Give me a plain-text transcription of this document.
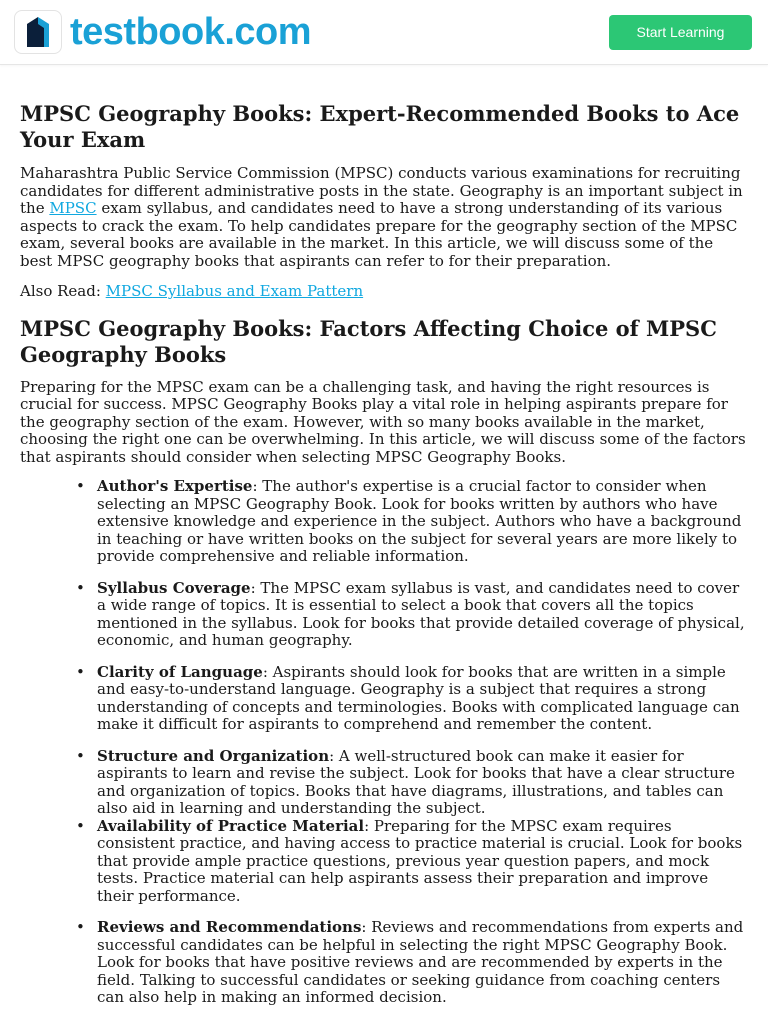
testbook.com	Start Learning
MPSC Geography Books: Expert-Recommended Books to Ace Your Exam

Maharashtra Public Service Commission (MPSC) conducts various examinations for recruiting candidates for different administrative posts in the state. Geography is an important subject in the MPSC exam syllabus, and candidates need to have a strong understanding of its various aspects to crack the exam. To help candidates prepare for the geography section of the MPSC exam, several books are available in the market. In this article, we will discuss some of the best MPSC geography books that aspirants can refer to for their preparation.

Also Read: MPSC Syllabus and Exam Pattern

MPSC Geography Books: Factors Affecting Choice of MPSC Geography Books

Preparing for the MPSC exam can be a challenging task, and having the right resources is crucial for success. MPSC Geography Books play a vital role in helping aspirants prepare for the geography section of the exam. However, with so many books available in the market, choosing the right one can be overwhelming. In this article, we will discuss some of the factors that aspirants should consider when selecting MPSC Geography Books.

• Author's Expertise: The author's expertise is a crucial factor to consider when selecting an MPSC Geography Book. Look for books written by authors who have extensive knowledge and experience in the subject. Authors who have a background in teaching or have written books on the subject for several years are more likely to provide comprehensive and reliable information.
• Syllabus Coverage: The MPSC exam syllabus is vast, and candidates need to cover a wide range of topics. It is essential to select a book that covers all the topics mentioned in the syllabus. Look for books that provide detailed coverage of physical, economic, and human geography.
• Clarity of Language: Aspirants should look for books that are written in a simple and easy-to-understand language. Geography is a subject that requires a strong understanding of concepts and terminologies. Books with complicated language can make it difficult for aspirants to comprehend and remember the content.
• Structure and Organization: A well-structured book can make it easier for aspirants to learn and revise the subject. Look for books that have a clear structure and organization of topics. Books that have diagrams, illustrations, and tables can also aid in learning and understanding the subject.
• Availability of Practice Material: Preparing for the MPSC exam requires consistent practice, and having access to practice material is crucial. Look for books that provide ample practice questions, previous year question papers, and mock tests. Practice material can help aspirants assess their preparation and improve their performance.
• Reviews and Recommendations: Reviews and recommendations from experts and successful candidates can be helpful in selecting the right MPSC Geography Book. Look for books that have positive reviews and are recommended by experts in the field. Talking to successful candidates or seeking guidance from coaching centers can also help in making an informed decision.
